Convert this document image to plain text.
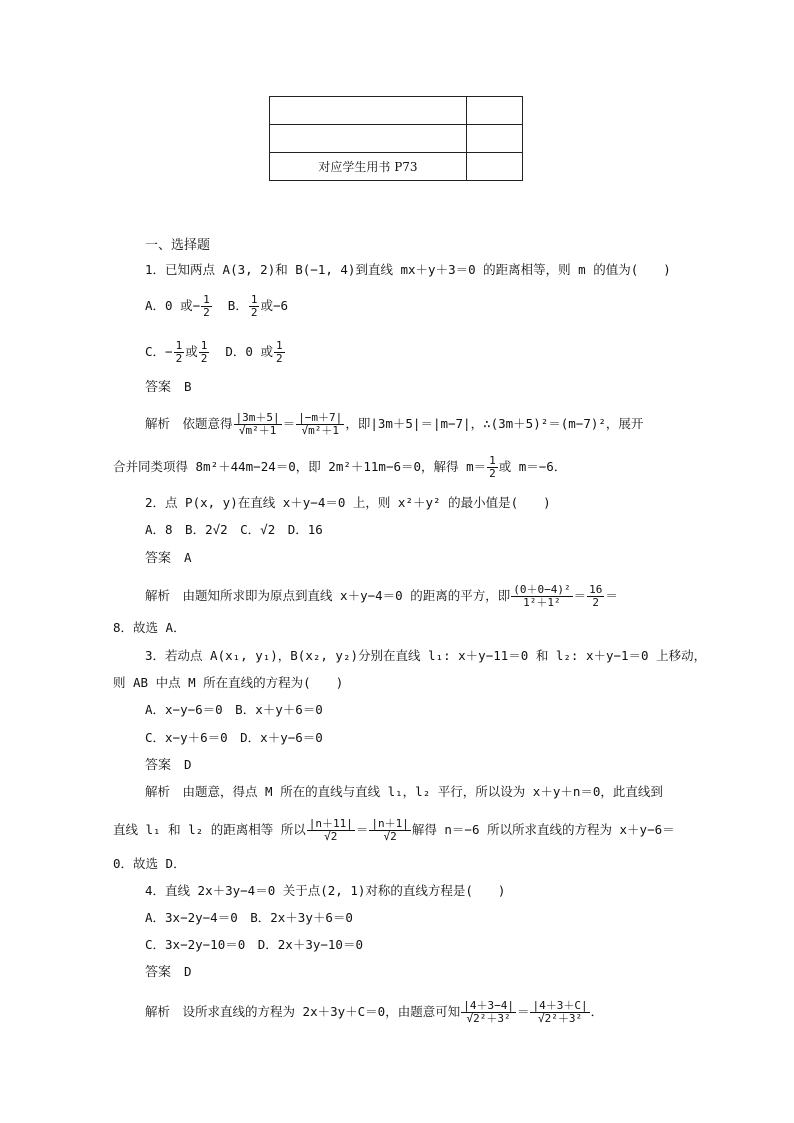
对应学生用书 P73	
一、选择题
1．已知两点 A(3, 2)和 B(−1, 4)到直线 mx＋y＋3＝0 的距离相等，则 m 的值为(　　)
A．0 或− $\frac{1}{2}$ B． $\frac{1}{2}$ 或−6
C．− $\frac{1}{2}$ 或 $\frac{1}{2}$ D．0 或 $\frac{1}{2}$
答案　 B
解析　 依题意得 $\frac{|3m+5|}{\text{√m²＋1}} = \frac{|-m+7|}{\text{√m²＋1}}$ ，即|3m＋5|＝|m−7|，∴(3m＋5)²＝(m−7)²，展开
合并同类项得 8m²＋44m−24＝0，即 2m²＋11m−6＝0，解得 $m= \frac{1}{2}$ 或 m＝−6．
2．点 P(x, y)在直线 x＋y−4＝0 上，则 x²＋y² 的最小值是(　　)
A．8　B．2√2　C．√2　D．16
答案　 A
解析　 由题知所求即为原点到直线 x＋y−4＝0 的距离的平方，即 $\frac{\text{(0＋0−4)²}}{\text{1²＋1²}} = \frac{16}{2}$ ＝
8．故选 A．
3．若动点 A(x₁, y₁)，B(x₂, y₂)分别在直线 l₁: x＋y−11＝0 和 l₂: x＋y−1＝0 上移动，
则 AB 中点 M 所在直线的方程为(　　)
A．x−y−6＝0　B．x＋y＋6＝0
C．x−y＋6＝0　D．x＋y−6＝0
答案　 D
解析　 由题意，得点 M 所在的直线与直线 l₁，l₂ 平行，所以设为 x＋y＋n＝0，此直线到
直线 l₁ 和 l₂ 的距离相等 所以 $\frac{|n+11|}{√2} = \frac{|n+1|}{√2}$ 解得 n＝−6 所以所求直线的方程为 x＋y−6＝
0．故选 D．
4．直线 2x＋3y−4＝0 关于点(2, 1)对称的直线方程是(　　)
A．3x−2y−4＝0　B．2x＋3y＋6＝0
C．3x−2y−10＝0　D．2x＋3y−10＝0
答案　 D
解析　 设所求直线的方程为 2x＋3y＋C＝0，由题意可知 $\frac{|4+3-4|}{\text{√2²＋3²}} = \frac{|4+3+C|}{\text{√2²＋3²}}$ ．
